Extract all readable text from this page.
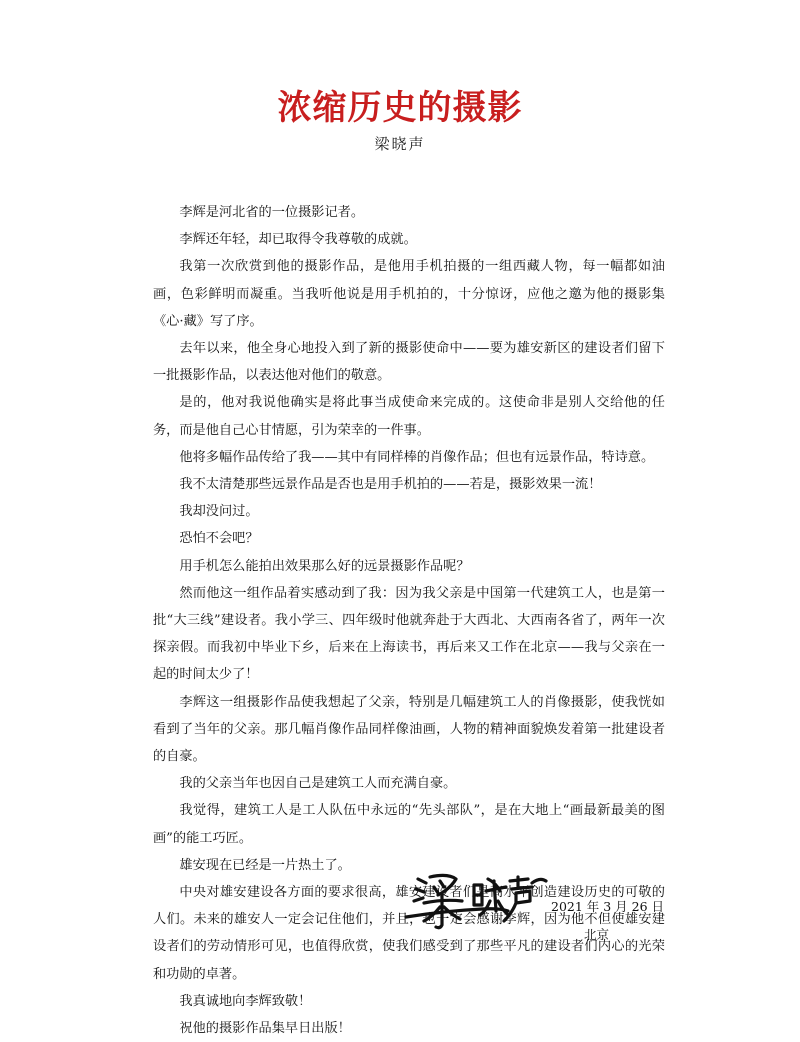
浓缩历史的摄影
梁晓声

李辉是河北省的一位摄影记者。

李辉还年轻，却已取得令我尊敬的成就。

我第一次欣赏到他的摄影作品，是他用手机拍摄的一组西藏人物，每一幅都如油画，色彩鲜明而凝重。当我听他说是用手机拍的，十分惊讶，应他之邀为他的摄影集《心·藏》写了序。

去年以来，他全身心地投入到了新的摄影使命中——要为雄安新区的建设者们留下一批摄影作品，以表达他对他们的敬意。

是的，他对我说他确实是将此事当成使命来完成的。这使命非是别人交给他的任务，而是他自己心甘情愿，引为荣幸的一件事。

他将多幅作品传给了我——其中有同样棒的肖像作品；但也有远景作品，特诗意。

我不太清楚那些远景作品是否也是用手机拍的——若是，摄影效果一流！

我却没问过。

恐怕不会吧？

用手机怎么能拍出效果那么好的远景摄影作品呢？

然而他这一组作品着实感动到了我：因为我父亲是中国第一代建筑工人，也是第一批“大三线”建设者。我小学三、四年级时他就奔赴于大西北、大西南各省了，两年一次探亲假。而我初中毕业下乡，后来在上海读书，再后来又工作在北京——我与父亲在一起的时间太少了！

李辉这一组摄影作品使我想起了父亲，特别是几幅建筑工人的肖像摄影，使我恍如看到了当年的父亲。那几幅肖像作品同样像油画，人物的精神面貌焕发着第一批建设者的自豪。

我的父亲当年也因自己是建筑工人而充满自豪。

我觉得，建筑工人是工人队伍中永远的“先头部队”，是在大地上“画最新最美的图画”的能工巧匠。

雄安现在已经是一片热土了。

中央对雄安建设各方面的要求很高，雄安建设者们是高水平创造建设历史的可敬的人们。未来的雄安人一定会记住他们，并且，也一定会感谢李辉，因为他不但使雄安建设者们的劳动情形可见，也值得欣赏，使我们感受到了那些平凡的建设者们内心的光荣和功勋的卓著。

我真诚地向李辉致敬！

祝他的摄影作品集早日出版！

2021 年 3 月 26 日
北京
